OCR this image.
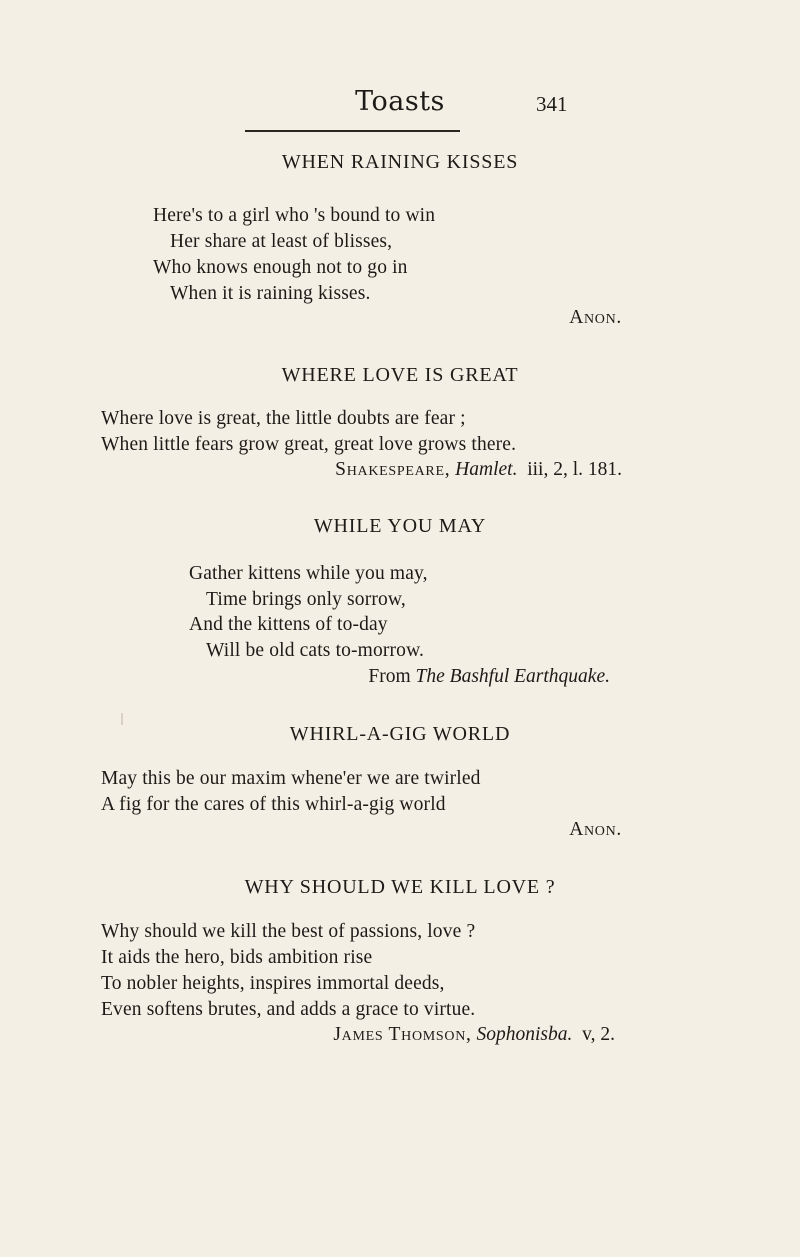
Toasts	341
WHEN RAINING KISSES
Here's to a girl who 's bound to win
Her share at least of blisses,
Who knows enough not to go in
When it is raining kisses.
Anon.
WHERE LOVE IS GREAT
Where love is great, the little doubts are fear ;
When little fears grow great, great love grows there.
Shakespeare, Hamlet. iii, 2, l. 181.
WHILE YOU MAY
Gather kittens while you may,
Time brings only sorrow,
And the kittens of to-day
Will be old cats to-morrow.
From The Bashful Earthquake.
WHIRL-A-GIG WORLD
May this be our maxim whene'er we are twirled
A fig for the cares of this whirl-a-gig world
Anon.
WHY SHOULD WE KILL LOVE ?
Why should we kill the best of passions, love ?
It aids the hero, bids ambition rise
To nobler heights, inspires immortal deeds,
Even softens brutes, and adds a grace to virtue.
James Thomson, Sophonisba. v, 2.
